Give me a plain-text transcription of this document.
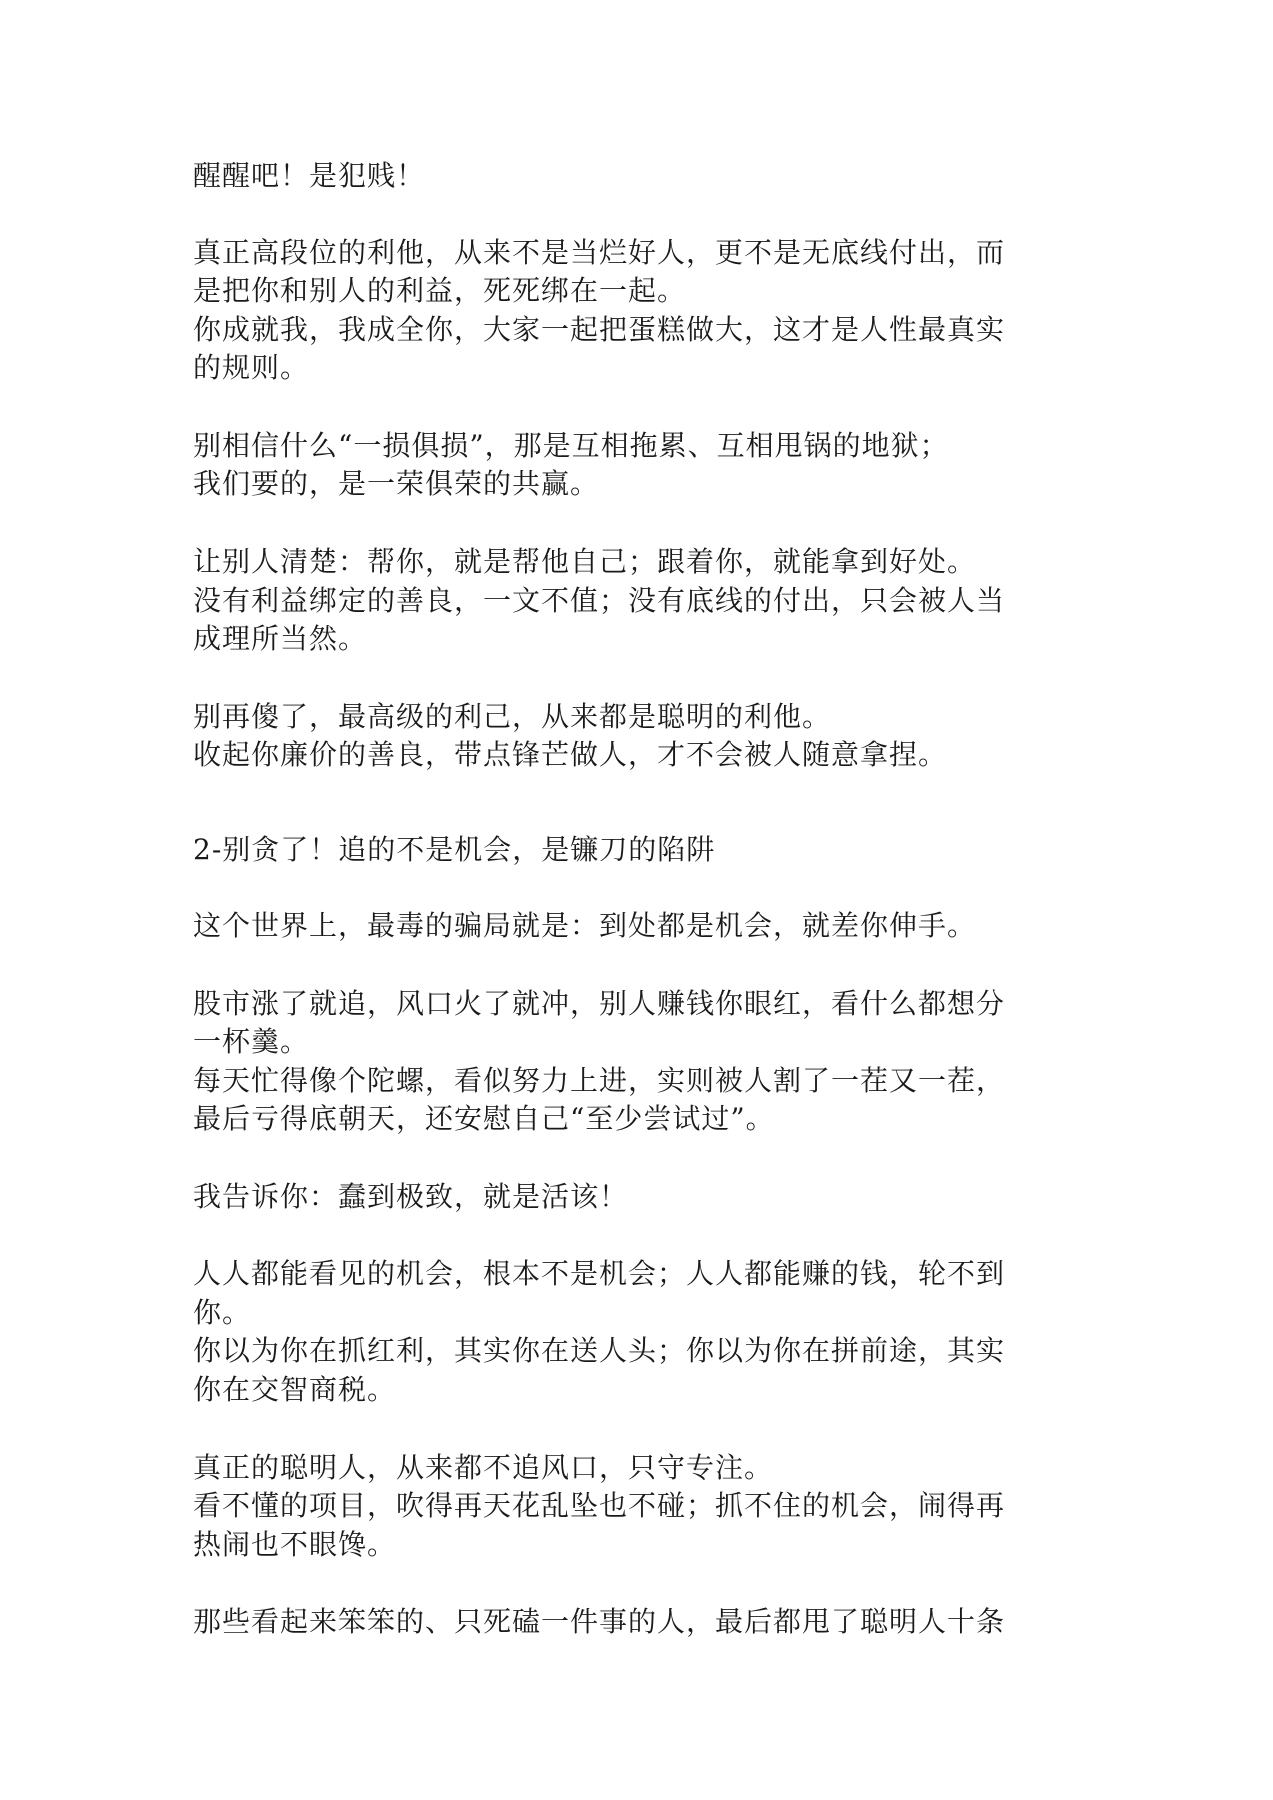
醒醒吧！是犯贱！

真正高段位的利他，从来不是当烂好人，更不是无底线付出，而

是把你和别人的利益，死死绑在一起。

你成就我，我成全你，大家一起把蛋糕做大，这才是人性最真实

的规则。

别相信什么“一损俱损”，那是互相拖累、互相甩锅的地狱；

我们要的，是一荣俱荣的共赢。

让别人清楚：帮你，就是帮他自己；跟着你，就能拿到好处。

没有利益绑定的善良，一文不值；没有底线的付出，只会被人当

成理所当然。

别再傻了，最高级的利己，从来都是聪明的利他。

收起你廉价的善良，带点锋芒做人，才不会被人随意拿捏。

2-别贪了！追的不是机会，是镰刀的陷阱

这个世界上，最毒的骗局就是：到处都是机会，就差你伸手。

股市涨了就追，风口火了就冲，别人赚钱你眼红，看什么都想分

一杯羹。

每天忙得像个陀螺，看似努力上进，实则被人割了一茬又一茬，

最后亏得底朝天，还安慰自己“至少尝试过”。

我告诉你：蠢到极致，就是活该！

人人都能看见的机会，根本不是机会；人人都能赚的钱，轮不到

你。

你以为你在抓红利，其实你在送人头；你以为你在拼前途，其实

你在交智商税。

真正的聪明人，从来都不追风口，只守专注。

看不懂的项目，吹得再天花乱坠也不碰；抓不住的机会，闹得再

热闹也不眼馋。

那些看起来笨笨的、只死磕一件事的人，最后都甩了聪明人十条
